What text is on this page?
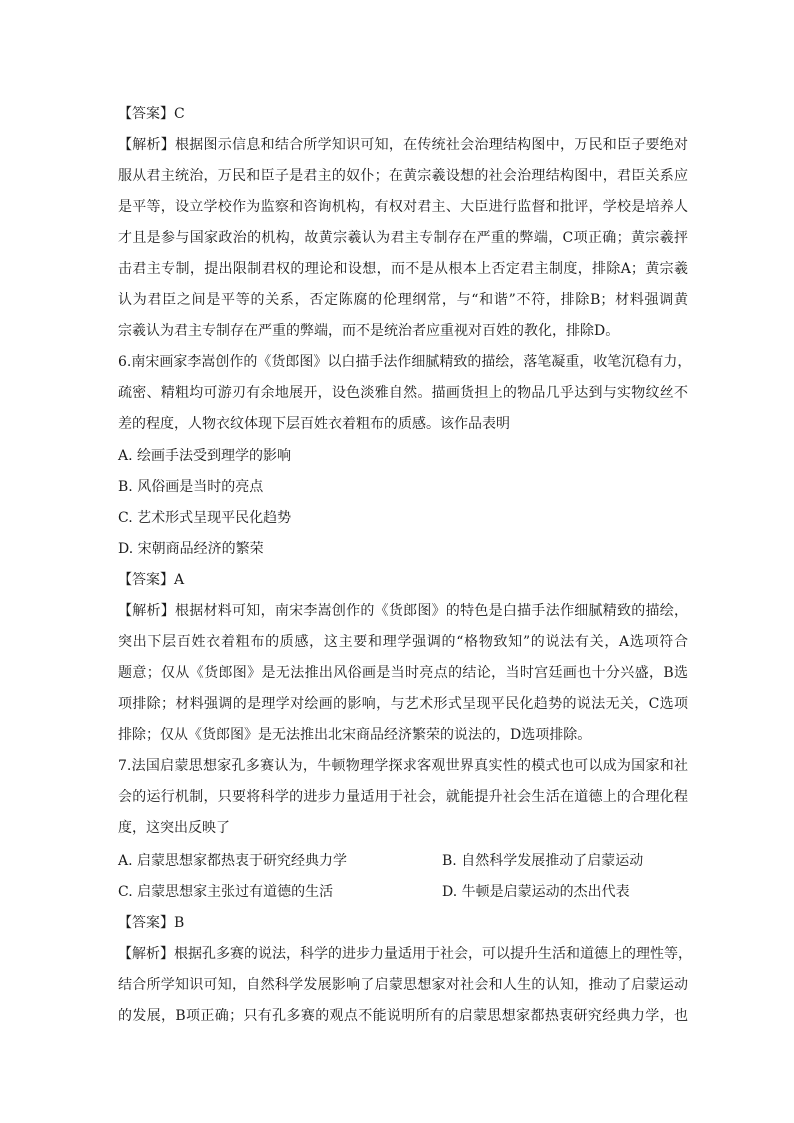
【答案】C
【解析】根据图示信息和结合所学知识可知，在传统社会治理结构图中，万民和臣子要绝对
服从君主统治，万民和臣子是君主的奴仆；在黄宗羲设想的社会治理结构图中，君臣关系应
是平等，设立学校作为监察和咨询机构，有权对君主、大臣进行监督和批评，学校是培养人
才且是参与国家政治的机构，故黄宗羲认为君主专制存在严重的弊端，C项正确；黄宗羲抨
击君主专制，提出限制君权的理论和设想，而不是从根本上否定君主制度，排除A；黄宗羲
认为君臣之间是平等的关系，否定陈腐的伦理纲常，与“和谐”不符，排除B；材料强调黄
宗羲认为君主专制存在严重的弊端，而不是统治者应重视对百姓的教化，排除D。
6.南宋画家李嵩创作的《货郎图》以白描手法作细腻精致的描绘，落笔凝重，收笔沉稳有力，
疏密、精粗均可游刃有余地展开，设色淡雅自然。描画货担上的物品几乎达到与实物纹丝不
差的程度，人物衣纹体现下层百姓衣着粗布的质感。该作品表明
A. 绘画手法受到理学的影响
B. 风俗画是当时的亮点
C. 艺术形式呈现平民化趋势
D. 宋朝商品经济的繁荣
【答案】A
【解析】根据材料可知，南宋李嵩创作的《货郎图》的特色是白描手法作细腻精致的描绘，
突出下层百姓衣着粗布的质感，这主要和理学强调的“格物致知”的说法有关，A选项符合
题意；仅从《货郎图》是无法推出风俗画是当时亮点的结论，当时宫廷画也十分兴盛，B选
项排除；材料强调的是理学对绘画的影响，与艺术形式呈现平民化趋势的说法无关，C选项
排除；仅从《货郎图》是无法推出北宋商品经济繁荣的说法的，D选项排除。
7.法国启蒙思想家孔多赛认为，牛顿物理学探求客观世界真实性的模式也可以成为国家和社
会的运行机制，只要将科学的进步力量适用于社会，就能提升社会生活在道德上的合理化程
度，这突出反映了
A. 启蒙思想家都热衷于研究经典力学	B. 自然科学发展推动了启蒙运动
C. 启蒙思想家主张过有道德的生活	D. 牛顿是启蒙运动的杰出代表
【答案】B
【解析】根据孔多赛的说法，科学的进步力量适用于社会，可以提升生活和道德上的理性等，
结合所学知识可知，自然科学发展影响了启蒙思想家对社会和人生的认知，推动了启蒙运动
的发展，B项正确；只有孔多赛的观点不能说明所有的启蒙思想家都热衷研究经典力学，也
